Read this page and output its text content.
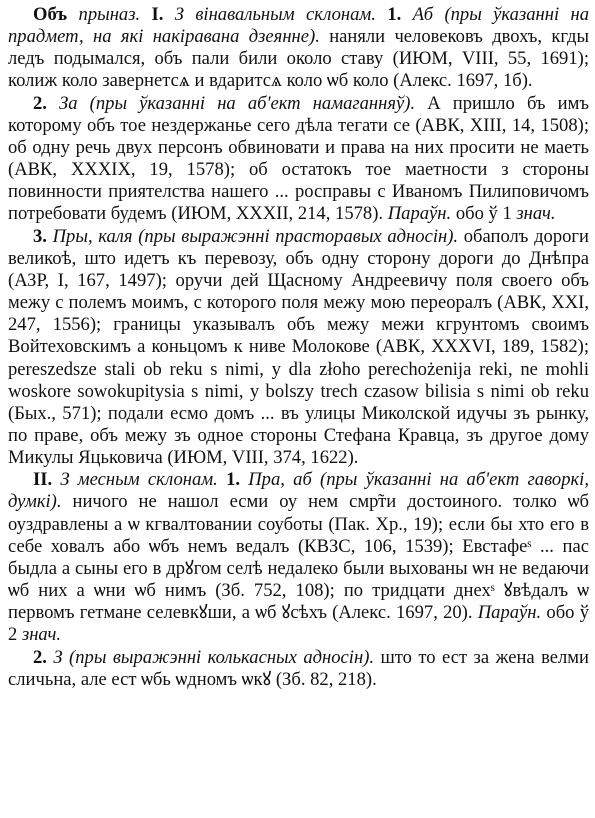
Объ прыназ. I. З вінавальным склонам. 1. Аб (пры ўказанні на прадмет, на які накіравана дзеянне). наняли человековъ двохъ, кгды ледъ подымался, объ пали били около ставу (ИЮМ, VIII, 55, 1691); колиж коло завернетсѧ и вдаритсѧ коло ѡб коло (Алекс. 1697, 1б).

2. За (пры ўказанні на аб'ект намаганняў). А пришло бъ имъ которому объ тое нездержанье сего дѣла тегати се (АВК, XIII, 14, 1508); об одну речь двух персонъ обвиновати и права на них просити не маеть (АВК, XXXIX, 19, 1578); об остатокъ тое маетности з стороны повинности приятелства нашего ... росправы с Иваномъ Пилиповичомъ потребовати будемъ (ИЮМ, XXXII, 214, 1578). Параўн. обо ў 1 знач.

3. Пры, каля (пры выражэнні прасторавых адносін). обаполъ дороги великоѣ, што идетъ къ перевозу, объ одну сторону дороги до Днѣпра (АЗР, I, 167, 1497); оручи дей Щасному Андреевичу поля своего объ межу с полемъ моимъ, с которого поля межу мою переоралъ (АВК, XXI, 247, 1556); границы указывалъ объ межу межи кгрунтомъ своимъ Войтеховскимъ а коньцомъ к ниве Молокове (АВК, XXXVI, 189, 1582); pereszedsze stali ob reku s nimi, y dla złoho perechożenija reki, ne mohli woskore sowokupitysia s nimi, y bolszy trech czasow bilisia s nimi ob reku (Бых., 571); подали есмо домъ ... въ улицы Миколской идучы зъ рынку, по праве, объ межу зъ одное стороны Стефана Кравца, зъ другое дому Микулы Яцьковича (ИЮМ, VIII, 374, 1622).

II. З месным склонам. 1. Пра, аб (пры ўказанні на аб'ект гаворкі, думкі). ничого не нашол есми оу нем смр̃ти достоиного. толко ѡб оуздравлены а ѡ кгвалтовании соуботы (Пак. Хр., 19); если бы хто его в себе ховалъ або ѡбъ немъ ведалъ (КВЗС, 106, 1539); Евстафеˢ ... пас быдла а сыны его в дрꙋгом селѣ недалеко были выхованы ѡн не ведаючи ѡб них а ѡни ѡб нимъ (Зб. 752, 108); по тридцати днехˢ ꙋвѣдалъ ѡ первомъ гетмане селевкꙋши, а ѡб ꙋсѣхъ (Алекс. 1697, 20). Параўн. обо ў 2 знач.

2. З (пры выражэнні колькасных адносін). што то ест за жена велми сличьна, але ест ѡбь ѡдномъ ѡкꙋ (Зб. 82, 218).
